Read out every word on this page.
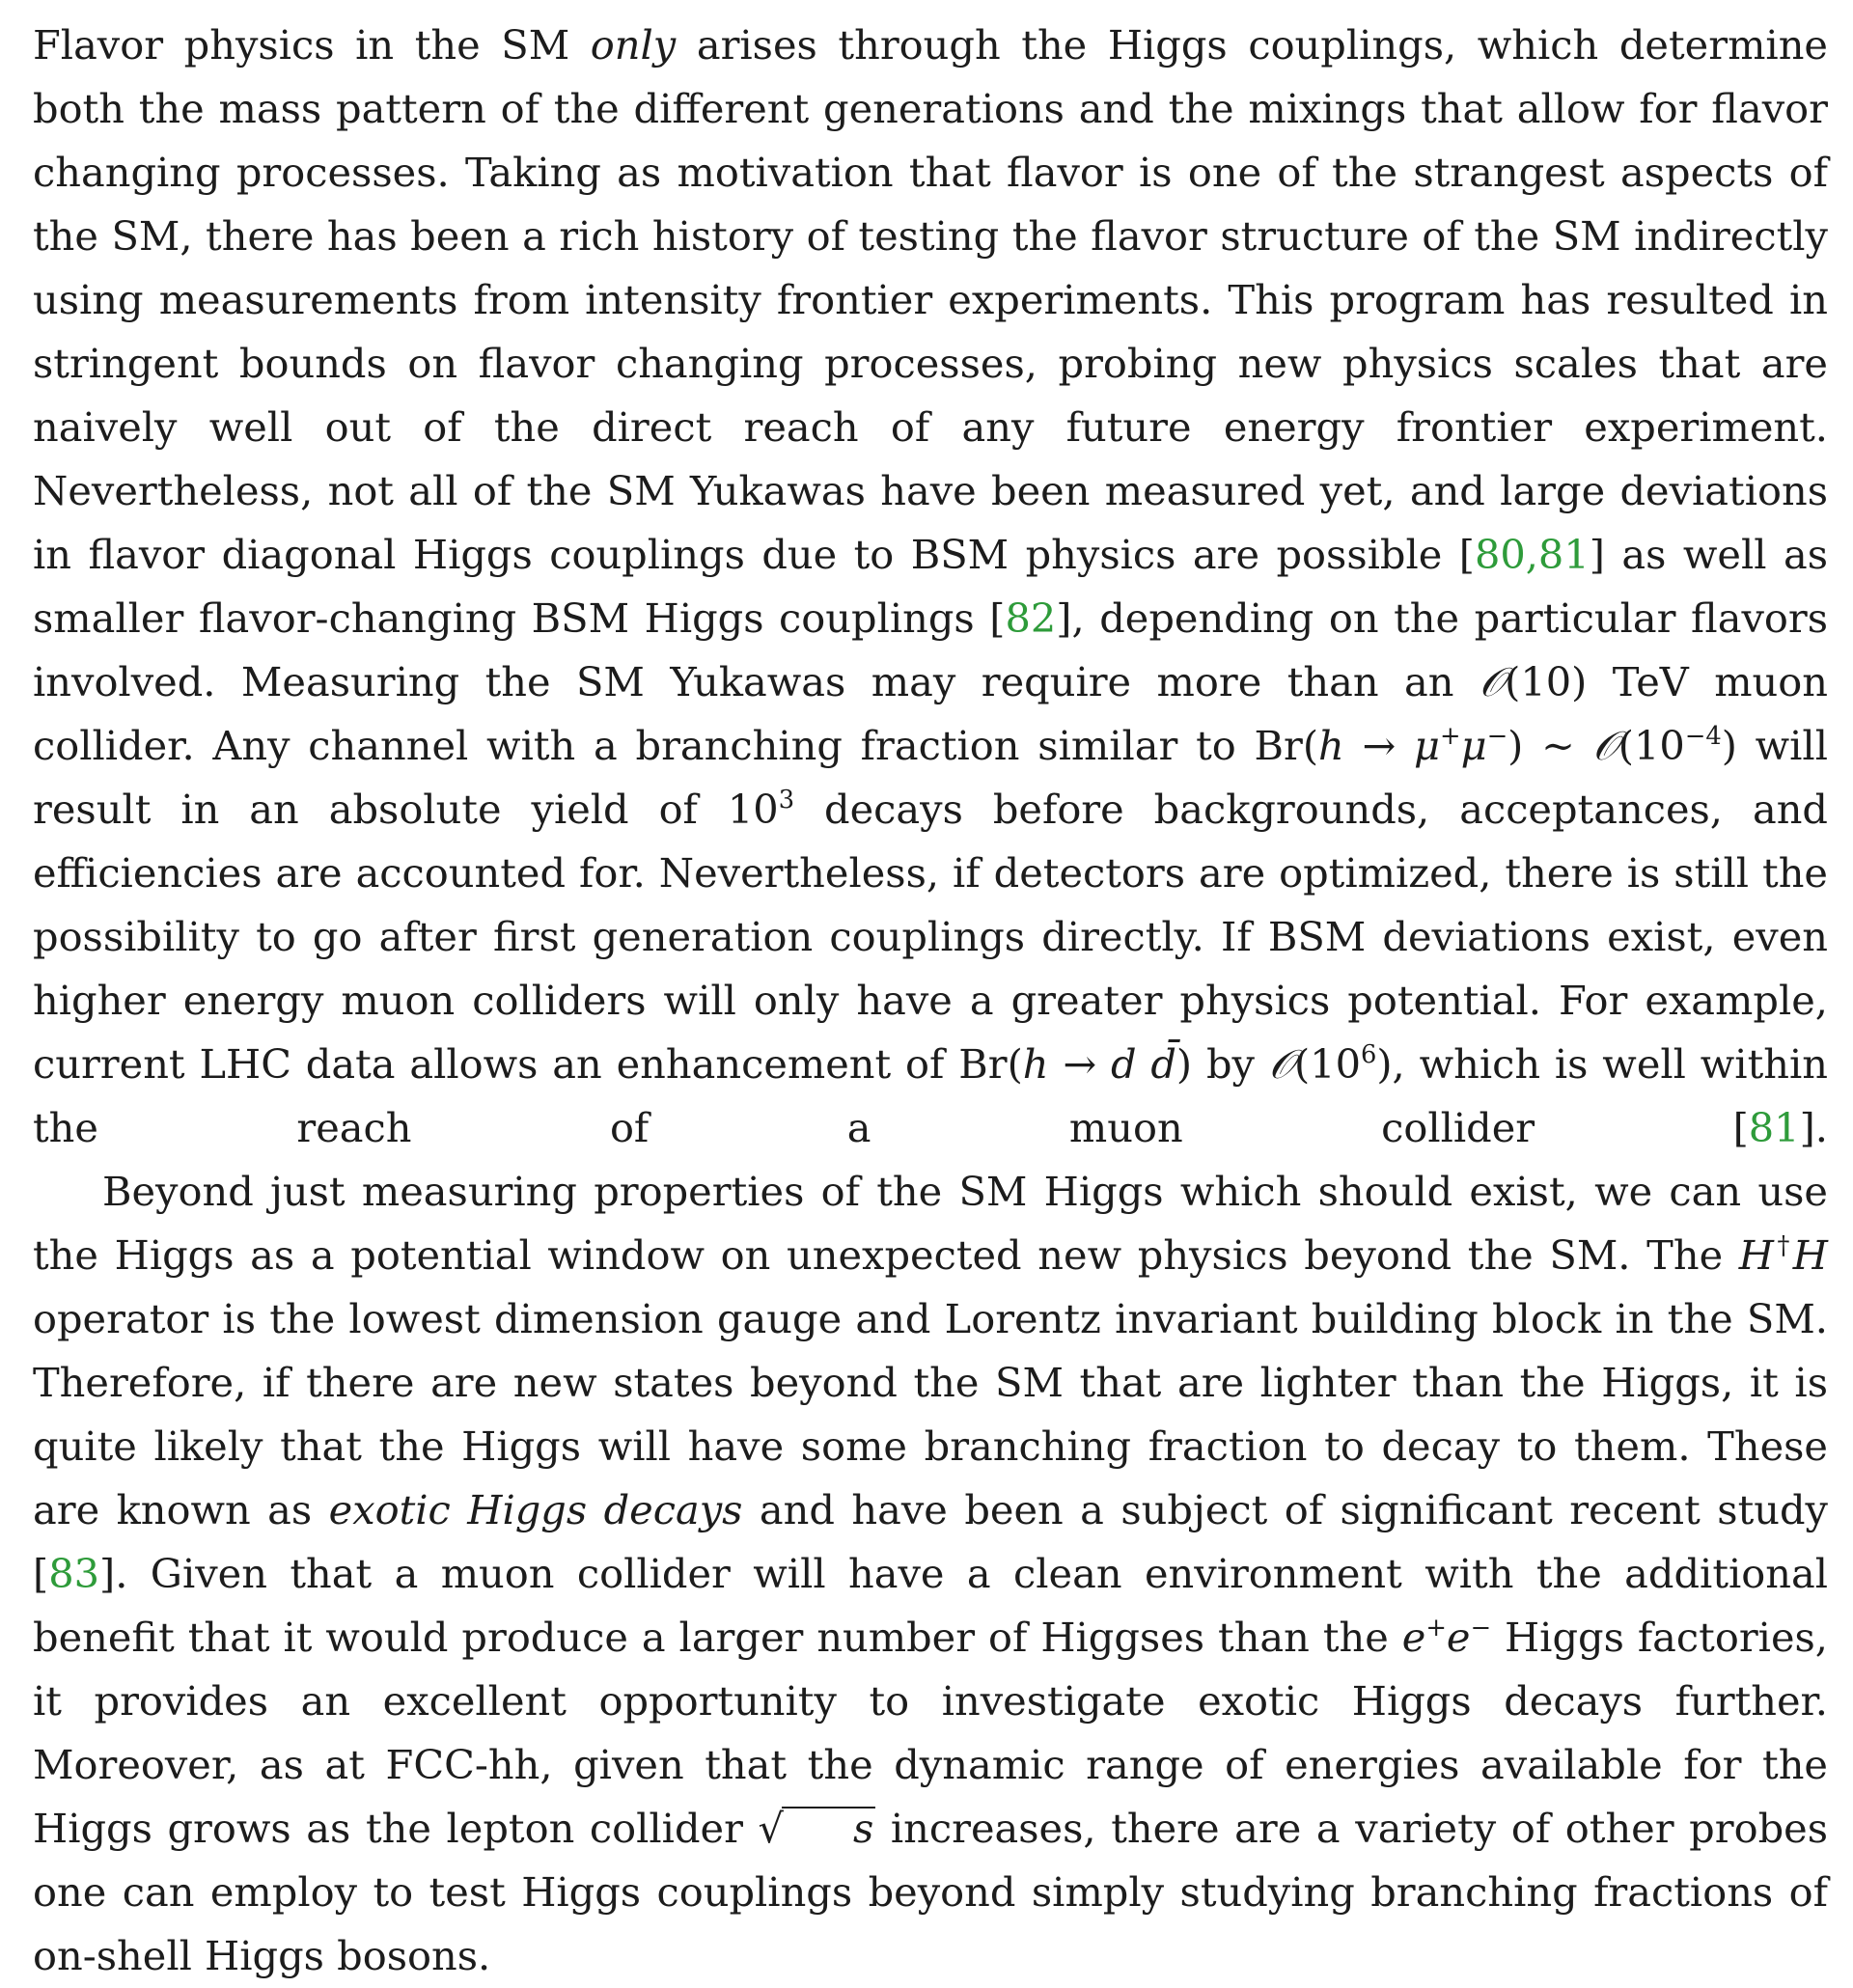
Flavor physics in the SM only arises through the Higgs couplings, which determine both the mass pattern of the different generations and the mixings that allow for flavor changing processes. Taking as motivation that flavor is one of the strangest aspects of the SM, there has been a rich history of testing the flavor structure of the SM indirectly using measurements from intensity frontier experiments. This program has resulted in stringent bounds on flavor changing processes, probing new physics scales that are naively well out of the direct reach of any future energy frontier experiment. Nevertheless, not all of the SM Yukawas have been measured yet, and large deviations in flavor diagonal Higgs couplings due to BSM physics are possible [80,81] as well as smaller flavor-changing BSM Higgs couplings [82], depending on the particular flavors involved. Measuring the SM Yukawas may require more than an 𝒪(10) TeV muon collider. Any channel with a branching fraction similar to Br(h → μ+μ−) ∼ $𝒪(10^{-4})$ will result in an absolute yield of $10^3$ decays before backgrounds, acceptances, and efficiencies are accounted for. Nevertheless, if detectors are optimized, there is still the possibility to go after first generation couplings directly. If BSM deviations exist, even higher energy muon colliders will only have a greater physics potential. For example, current LHC data allows an enhancement of Br(h → d d̄) by $𝒪(10^6)$, which is well within the reach of a muon collider [81].

Beyond just measuring properties of the SM Higgs which should exist, we can use the Higgs as a potential window on unexpected new physics beyond the SM. The H†H operator is the lowest dimension gauge and Lorentz invariant building block in the SM. Therefore, if there are new states beyond the SM that are lighter than the Higgs, it is quite likely that the Higgs will have some branching fraction to decay to them. These are known as exotic Higgs decays and have been a subject of significant recent study [83]. Given that a muon collider will have a clean environment with the additional benefit that it would produce a larger number of Higgses than the e+e− Higgs factories, it provides an excellent opportunity to investigate exotic Higgs decays further. Moreover, as at FCC-hh, given that the dynamic range of energies available for the Higgs grows as the lepton collider √ s increases, there are a variety of other probes one can employ to test Higgs couplings beyond simply studying branching fractions of on-shell Higgs bosons.
